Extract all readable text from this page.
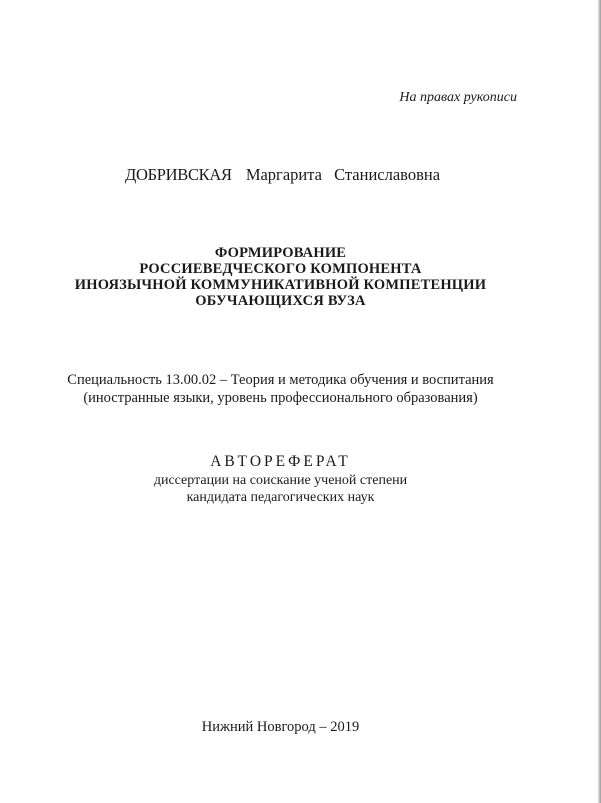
На правах рукописи
ДОБРИВСКАЯ Маргарита Станиславовна
ФОРМИРОВАНИЕ
РОССИЕВЕДЧЕСКОГО КОМПОНЕНТА
ИНОЯЗЫЧНОЙ КОММУНИКАТИВНОЙ КОМПЕТЕНЦИИ
ОБУЧАЮЩИХСЯ ВУЗА
Специальность 13.00.02 – Теория и методика обучения и воспитания
(иностранные языки, уровень профессионального образования)
АВТОРЕФЕРАТ
диссертации на соискание ученой степени
кандидата педагогических наук
Нижний Новгород – 2019
